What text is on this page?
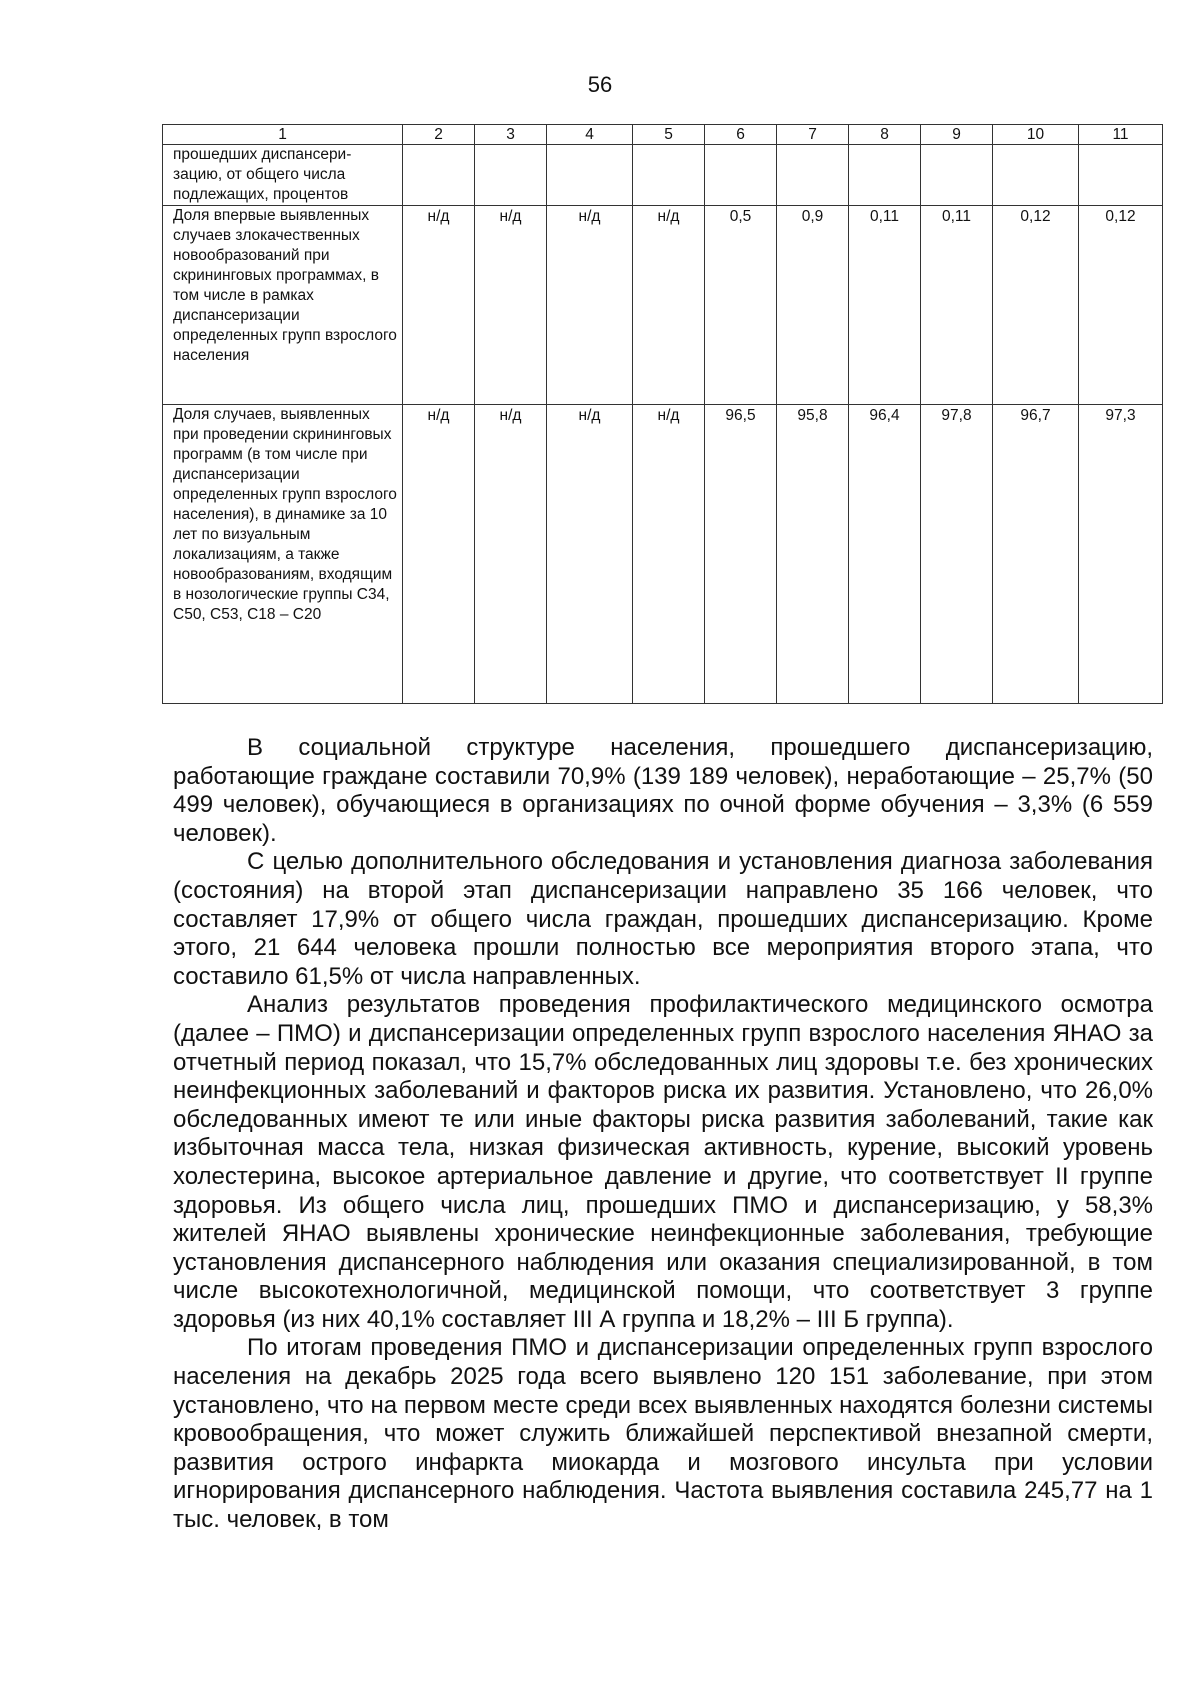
56
1	2	3	4	5	6	7	8	9	10	11
прошедших диспансери-зацию, от общего числа подлежащих, процентов										
Доля впервые выявленных случаев злокачественных новообразований при скрининговых программах, в том числе в рамках диспансеризации определенных групп взрослого населения	н/д	н/д	н/д	н/д	0,5	0,9	0,11	0,11	0,12	0,12
Доля случаев, выявленных при проведении скрининговых программ (в том числе при диспансеризации определенных групп взрослого населения), в динамике за 10 лет по визуальным локализациям, а также новообразованиям, входящим в нозологические группы С34, С50, С53, С18 – С20	н/д	н/д	н/д	н/д	96,5	95,8	96,4	97,8	96,7	97,3

В социальной структуре населения, прошедшего диспансеризацию, работающие граждане составили 70,9% (139 189 человек), неработающие – 25,7% (50 499 человек), обучающиеся в организациях по очной форме обучения – 3,3% (6 559 человек).

С целью дополнительного обследования и установления диагноза заболевания (состояния) на второй этап диспансеризации направлено 35 166 человек, что составляет 17,9% от общего числа граждан, прошедших диспансеризацию. Кроме этого, 21 644 человека прошли полностью все мероприятия второго этапа, что составило 61,5% от числа направленных.

Анализ результатов проведения профилактического медицинского осмотра (далее – ПМО) и диспансеризации определенных групп взрослого населения ЯНАО за отчетный период показал, что 15,7% обследованных лиц здоровы т.е. без хронических неинфекционных заболеваний и факторов риска их развития. Установлено, что 26,0% обследованных имеют те или иные факторы риска развития заболеваний, такие как избыточная масса тела, низкая физическая активность, курение, высокий уровень холестерина, высокое артериальное давление и другие, что соответствует II группе здоровья. Из общего числа лиц, прошедших ПМО и диспансеризацию, у 58,3% жителей ЯНАО выявлены хронические неинфекционные заболевания, требующие установления диспансерного наблюдения или оказания специализированной, в том числе высокотехнологичной, медицинской помощи, что соответствует 3 группе здоровья (из них 40,1% составляет III А группа и 18,2% – III Б группа).

По итогам проведения ПМО и диспансеризации определенных групп взрослого населения на декабрь 2025 года всего выявлено 120 151 заболевание, при этом установлено, что на первом месте среди всех выявленных находятся болезни системы кровообращения, что может служить ближайшей перспективой внезапной смерти, развития острого инфаркта миокарда и мозгового инсульта при условии игнорирования диспансерного наблюдения. Частота выявления составила 245,77 на 1 тыс. человек, в том
